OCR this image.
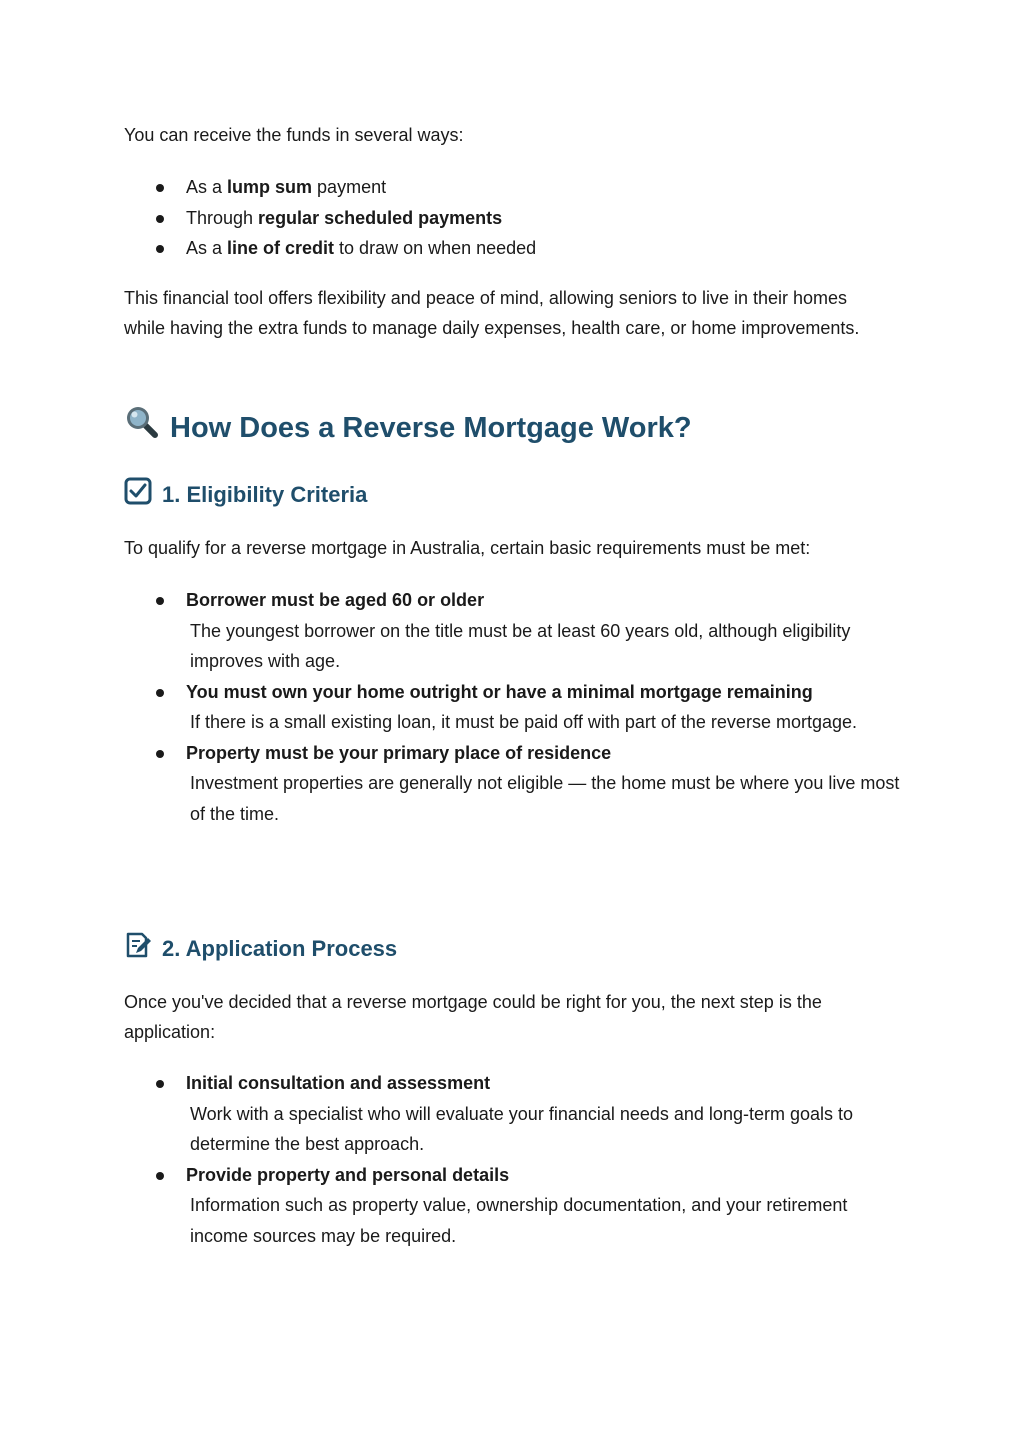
You can receive the funds in several ways:

As a lump sum payment
Through regular scheduled payments
As a line of credit to draw on when needed

This financial tool offers flexibility and peace of mind, allowing seniors to live in their homes while having the extra funds to manage daily expenses, health care, or home improvements.

How Does a Reverse Mortgage Work?
1. Eligibility Criteria

To qualify for a reverse mortgage in Australia, certain basic requirements must be met:

Borrower must be aged 60 or older
The youngest borrower on the title must be at least 60 years old, although eligibility improves with age.
You must own your home outright or have a minimal mortgage remaining
If there is a small existing loan, it must be paid off with part of the reverse mortgage.
Property must be your primary place of residence
Investment properties are generally not eligible — the home must be where you live most of the time.
2. Application Process

Once you've decided that a reverse mortgage could be right for you, the next step is the application:

Initial consultation and assessment
Work with a specialist who will evaluate your financial needs and long-term goals to determine the best approach.
Provide property and personal details
Information such as property value, ownership documentation, and your retirement income sources may be required.
